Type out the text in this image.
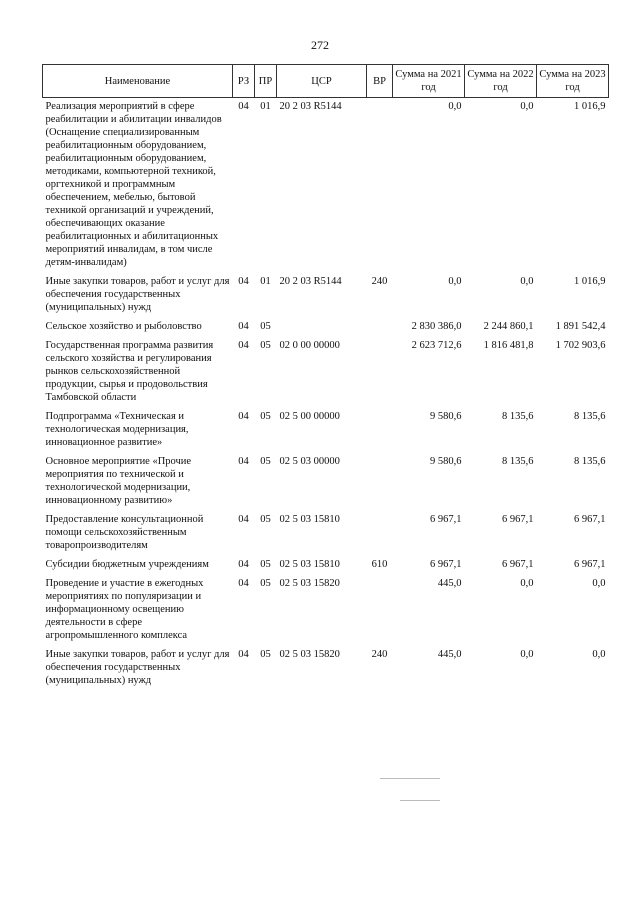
272
Наименование	РЗ	ПР	ЦСР	ВР	Сумма на 2021 год	Сумма на 2022 год	Сумма на 2023 год
Реализация мероприятий в сфере реабилитации и абилитации инвалидов (Оснащение специализированным реабилитационным оборудованием, реабилитационным оборудованием, методиками, компьютерной техникой, оргтехникой и программным обеспечением, мебелью, бытовой техникой организаций и учреждений, обеспечивающих оказание реабилитационных и абилитационных мероприятий инвалидам, в том числе детям-инвалидам)	04	01	20 2 03 R5144		0,0	0,0	1 016,9
Иные закупки товаров, работ и услуг для обеспечения государственных (муниципальных) нужд	04	01	20 2 03 R5144	240	0,0	0,0	1 016,9
Сельское хозяйство и рыболовство	04	05			2 830 386,0	2 244 860,1	1 891 542,4
Государственная программа развития сельского хозяйства и регулирования рынков сельскохозяйственной продукции, сырья и продовольствия Тамбовской области	04	05	02 0 00 00000		2 623 712,6	1 816 481,8	1 702 903,6
Подпрограмма «Техническая и технологическая модернизация, инновационное развитие»	04	05	02 5 00 00000		9 580,6	8 135,6	8 135,6
Основное мероприятие «Прочие мероприятия по технической и технологической модернизации, инновационному развитию»	04	05	02 5 03 00000		9 580,6	8 135,6	8 135,6
Предоставление консультационной помощи сельскохозяйственным товаропроизводителям	04	05	02 5 03 15810		6 967,1	6 967,1	6 967,1
Субсидии бюджетным учреждениям	04	05	02 5 03 15810	610	6 967,1	6 967,1	6 967,1
Проведение и участие в ежегодных мероприятиях по популяризации и информационному освещению деятельности в сфере агропромышленного комплекса	04	05	02 5 03 15820		445,0	0,0	0,0
Иные закупки товаров, работ и услуг для обеспечения государственных (муниципальных) нужд	04	05	02 5 03 15820	240	445,0	0,0	0,0
